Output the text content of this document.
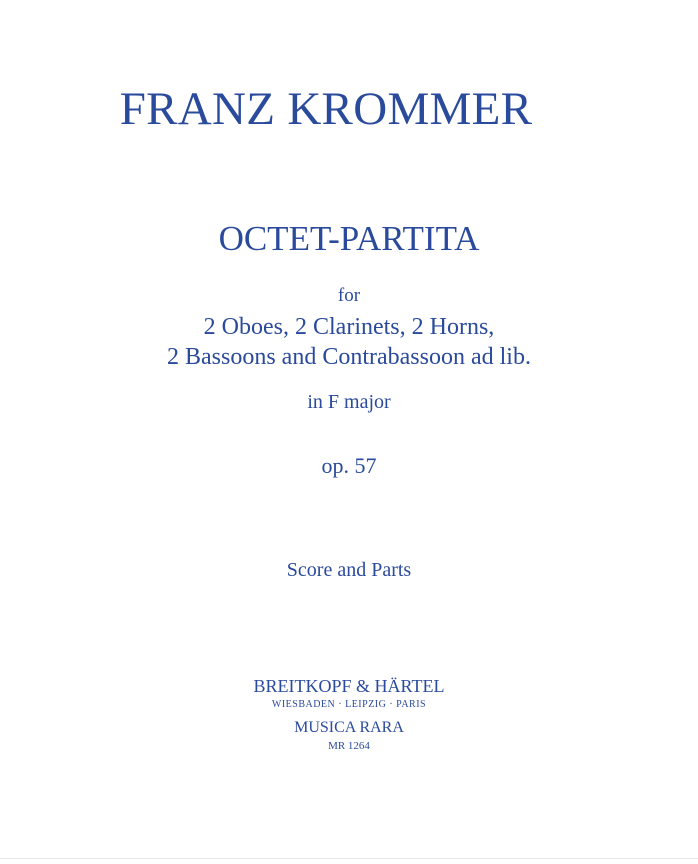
FRANZ KROMMER
OCTET-PARTITA
for
2 Oboes, 2 Clarinets, 2 Horns,
2 Bassoons and Contrabassoon ad lib.
in F major
op. 57
Score and Parts
BREITKOPF & HÄRTEL
WIESBADEN · LEIPZIG · PARIS
MUSICA RARA
MR 1264
